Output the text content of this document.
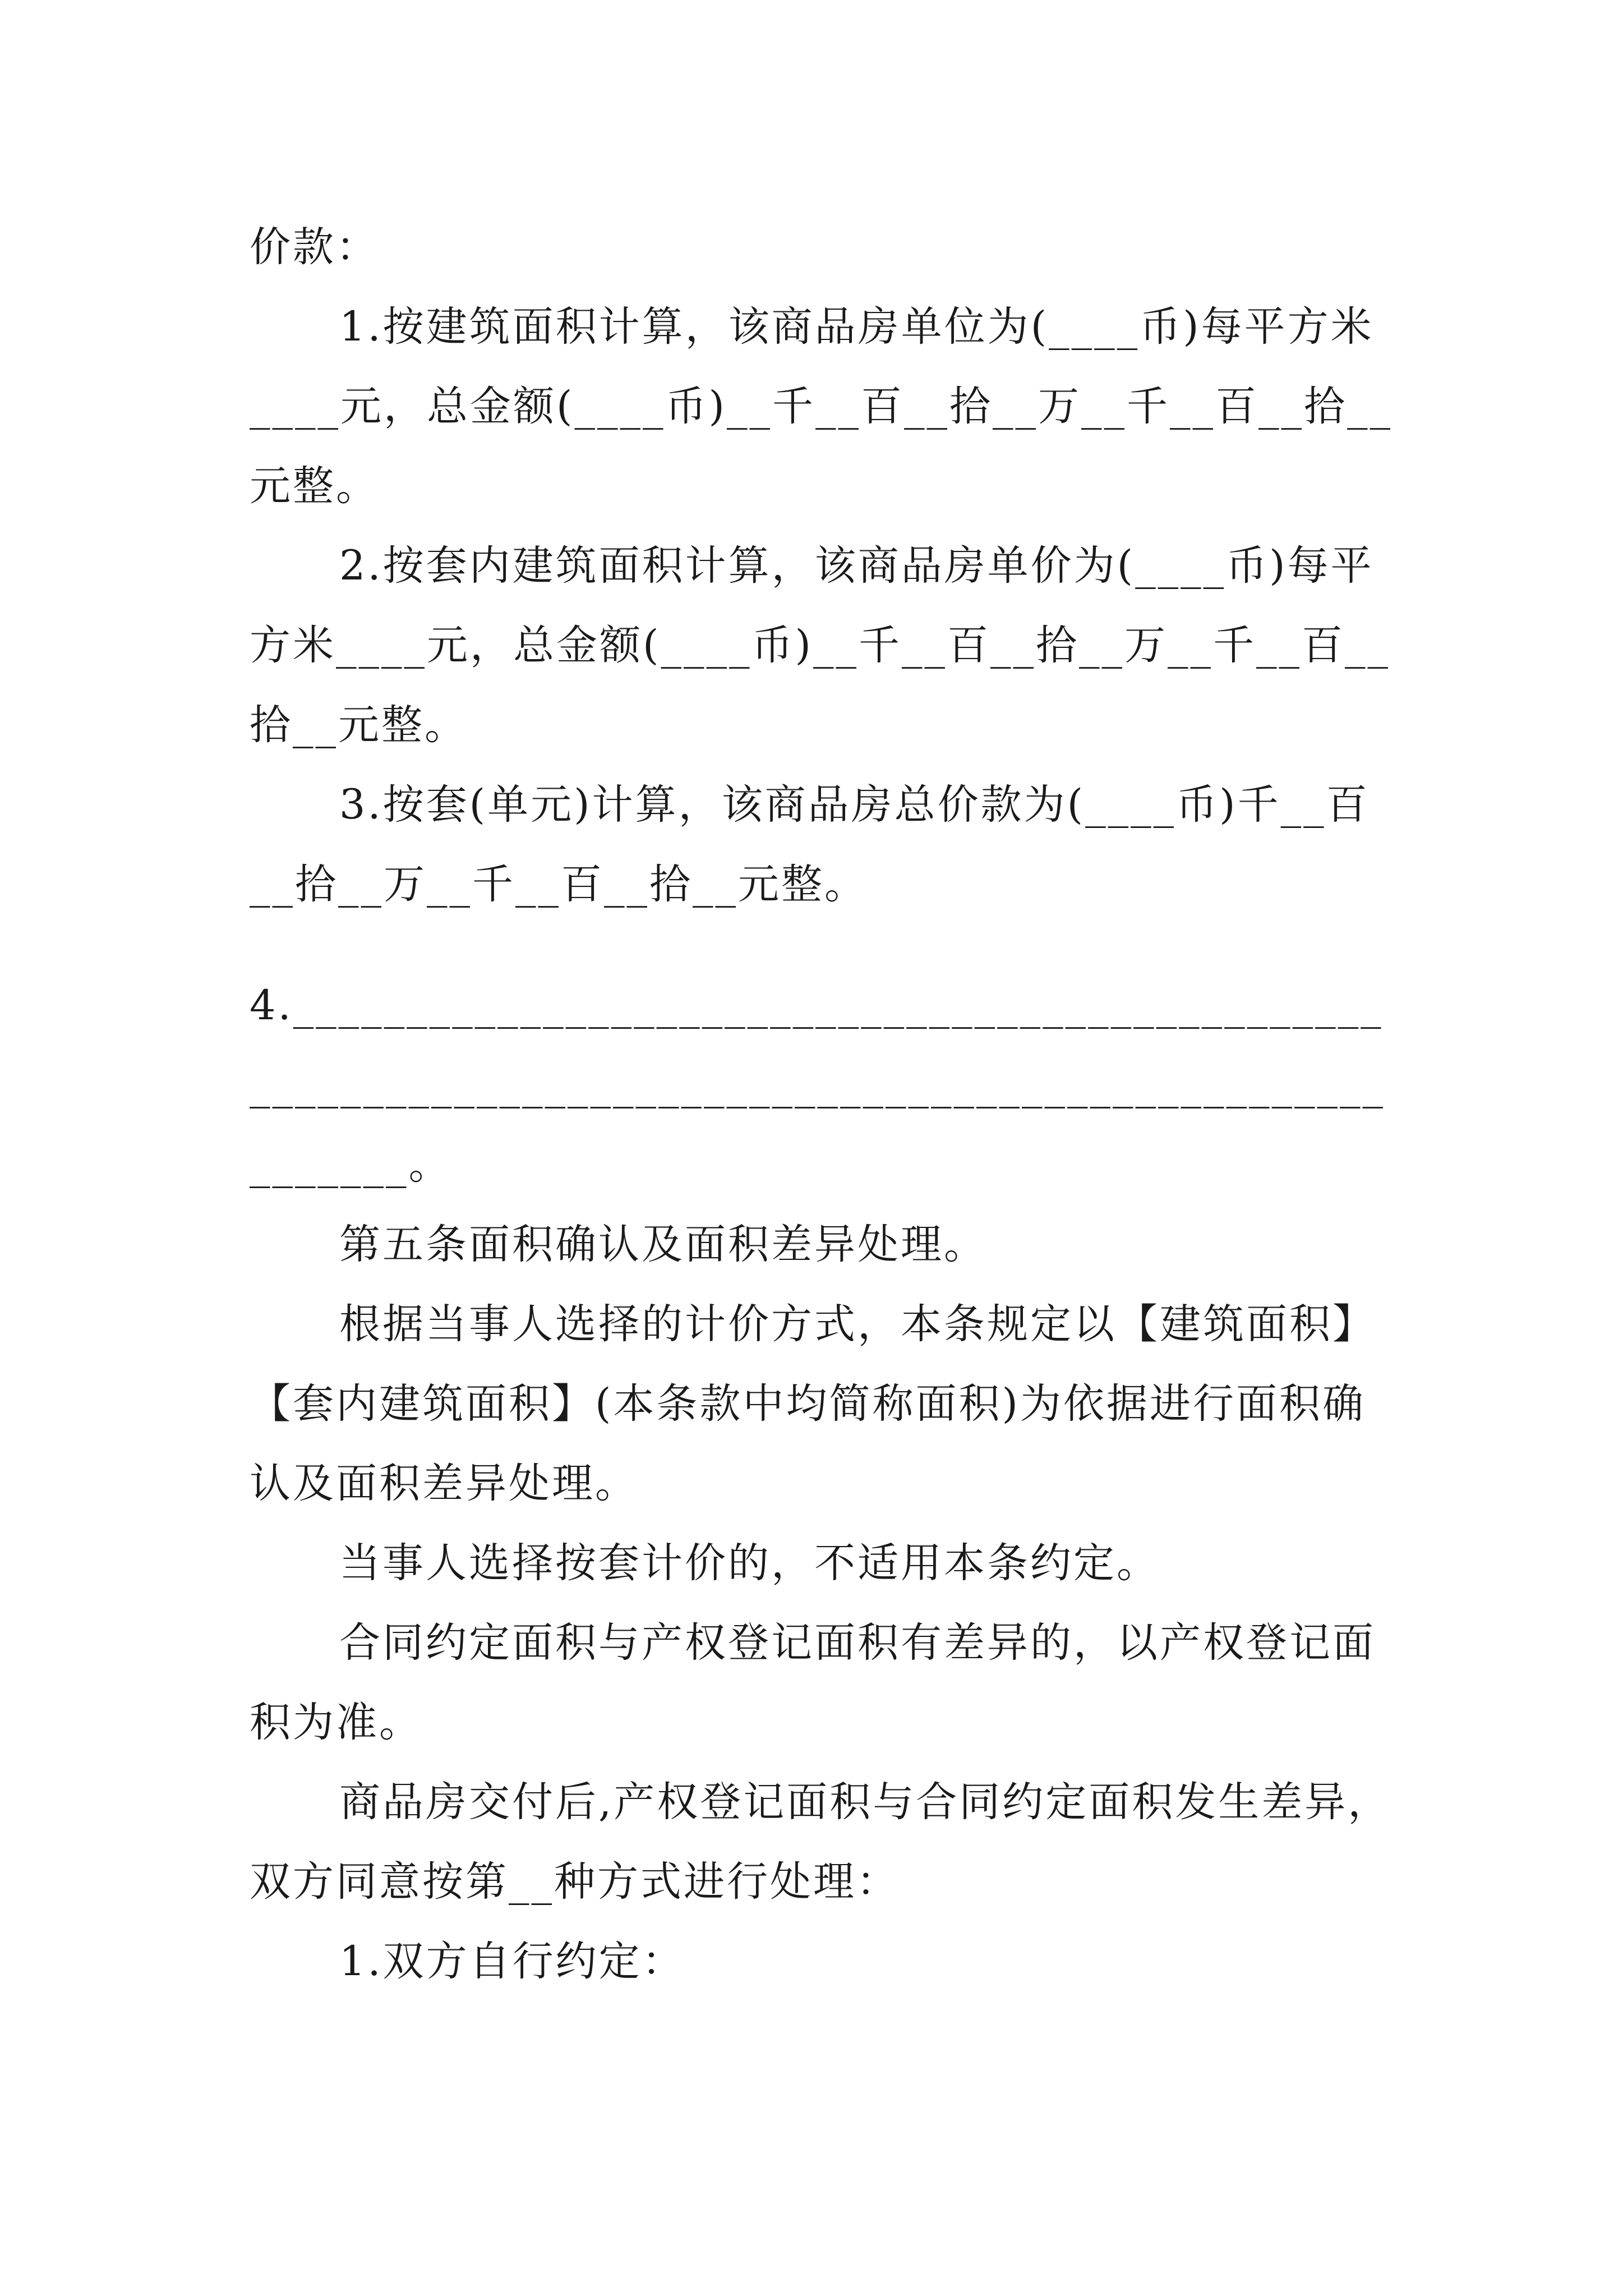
价款：
1.按建筑面积计算，该商品房单位为(____币)每平方米
____元，总金额(____币)__千__百__拾__万__千__百__拾__
元整。
2.按套内建筑面积计算，该商品房单价为(____币)每平
方米____元，总金额(____币)__千__百__拾__万__千__百__
拾__元整。
3.按套(单元)计算，该商品房总价款为(____币)千__百
__拾__万__千__百__拾__元整。
4.________________________________________________
__________________________________________________
_______。
第五条面积确认及面积差异处理。
根据当事人选择的计价方式，本条规定以【建筑面积】
【套内建筑面积】(本条款中均简称面积)为依据进行面积确
认及面积差异处理。
当事人选择按套计价的，不适用本条约定。
合同约定面积与产权登记面积有差异的，以产权登记面
积为准。
商品房交付后,产权登记面积与合同约定面积发生差异，
双方同意按第__种方式进行处理：
1.双方自行约定：
